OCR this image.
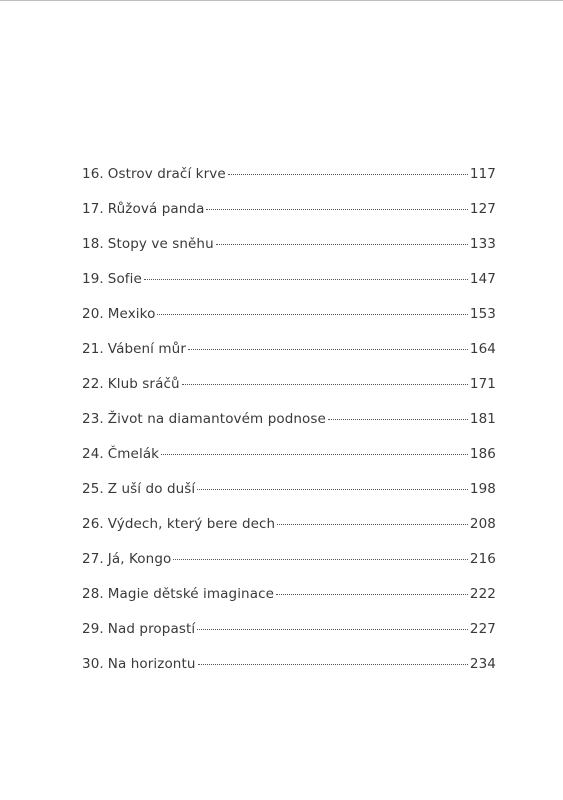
16. Ostrov dračí krve	117
17. Růžová panda	127
18. Stopy ve sněhu	133
19. Sofie	147
20. Mexiko	153
21. Vábení můr	164
22. Klub sráčů	171
23. Život na diamantovém podnose	181
24. Čmelák	186
25. Z uší do duší	198
26. Výdech, který bere dech	208
27. Já, Kongo	216
28. Magie dětské imaginace	222
29. Nad propastí	227
30. Na horizontu	234
